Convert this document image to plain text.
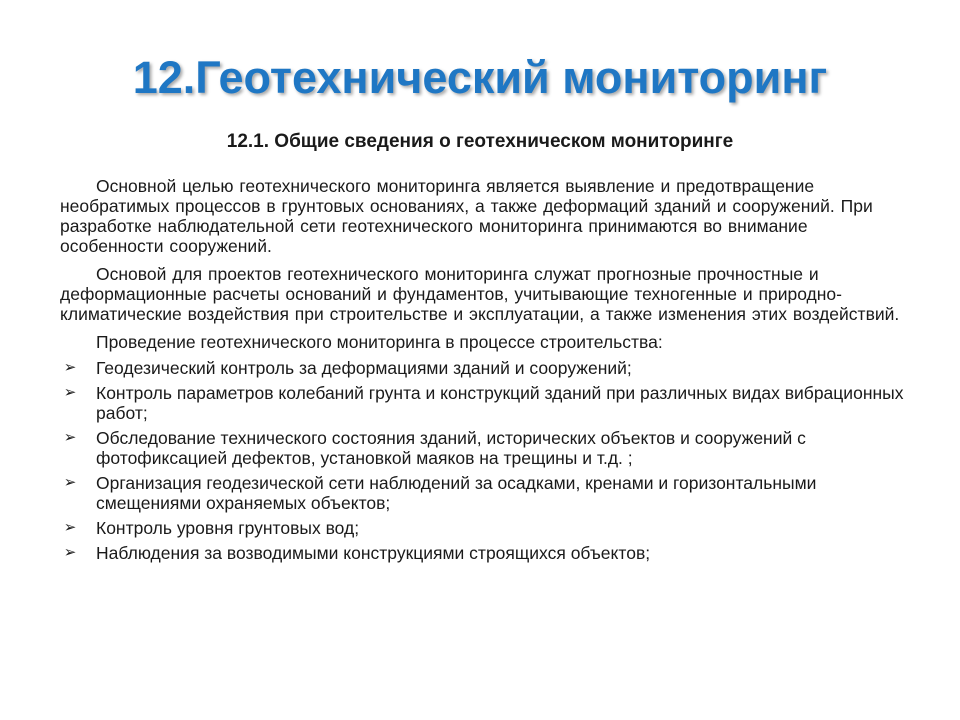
12.Геотехнический мониторинг
12.1. Общие сведения о геотехническом мониторинге

Основной целью геотехнического мониторинга является выявление и предотвращение необратимых процессов в грунтовых основаниях, а также деформаций зданий и сооружений. При разработке наблюдательной сети геотехнического мониторинга принимаются во внимание особенности сооружений.

Основой для проектов геотехнического мониторинга служат прогнозные прочностные и деформационные расчеты оснований и фундаментов, учитывающие техногенные и природно-климатические воздействия при строительстве и эксплуатации, а также изменения этих воздействий.

Проведение геотехнического мониторинга в процессе строительства:

➢ Геодезический контроль за деформациями зданий и сооружений;
➢ Контроль параметров колебаний грунта и конструкций зданий при различных видах вибрационных работ;
➢ Обследование технического состояния зданий, исторических объектов и сооружений с фотофиксацией дефектов, установкой маяков на трещины и т.д. ;
➢ Организация геодезической сети наблюдений за осадками, кренами и горизонтальными смещениями охраняемых объектов;
➢ Контроль уровня грунтовых вод;
➢ Наблюдения за возводимыми конструкциями строящихся объектов;
